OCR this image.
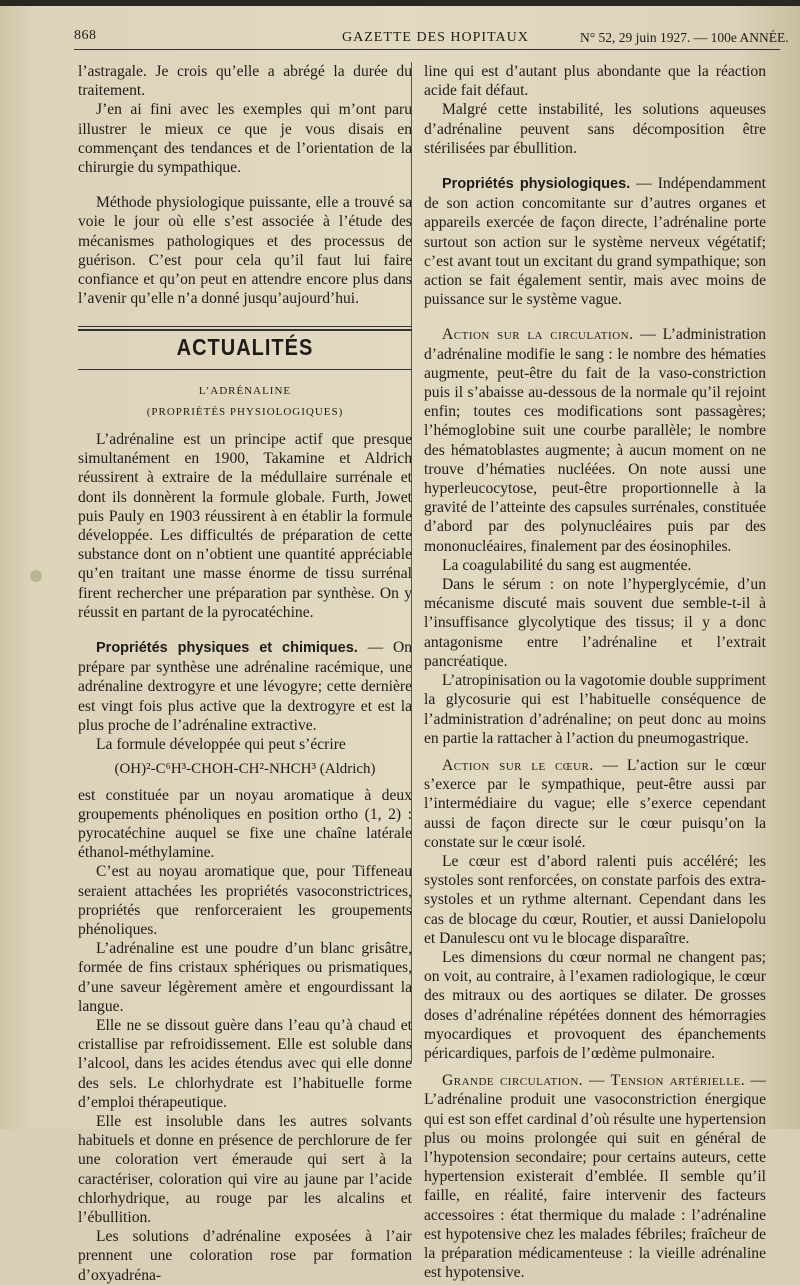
868	GAZETTE DES HOPITAUX	N° 52, 29 juin 1927. — 100e ANNÉE.

l’astragale. Je crois qu’elle a abrégé la durée du traitement.

J’en ai fini avec les exemples qui m’ont paru illustrer le mieux ce que je vous disais en commençant des tendances et de l’orientation de la chirurgie du sympathique.

Méthode physiologique puissante, elle a trouvé sa voie le jour où elle s’est associée à l’étude des mécanismes pathologiques et des processus de guérison. C’est pour cela qu’il faut lui faire confiance et qu’on peut en attendre encore plus dans l’avenir qu’elle n’a donné jusqu’aujourd’hui.

ACTUALITÉS
L’ADRÉNALINE
(PROPRIÉTÉS PHYSIOLOGIQUES)

L’adrénaline est un principe actif que presque simultanément en 1900, Takamine et Aldrich réussirent à extraire de la médullaire surrénale et dont ils donnèrent la formule globale. Furth, Jowet puis Pauly en 1903 réussirent à en établir la formule développée. Les difficultés de préparation de cette substance dont on n’obtient une quantité appréciable qu’en traitant une masse énorme de tissu surrénal firent rechercher une préparation par synthèse. On y réussit en partant de la pyrocatéchine.

Propriétés physiques et chimiques. — On prépare par synthèse une adrénaline racémique, une adrénaline dextrogyre et une lévogyre; cette dernière est vingt fois plus active que la dextrogyre et est la plus proche de l’adrénaline extractive.

La formule développée qui peut s’écrire

(OH)²-C⁶H³-CHOH-CH²-NHCH³ (Aldrich)

est constituée par un noyau aromatique à deux groupements phénoliques en position ortho (1, 2) : pyrocatéchine auquel se fixe une chaîne latérale éthanol-méthylamine.

C’est au noyau aromatique que, pour Tiffeneau seraient attachées les propriétés vasoconstrictrices, propriétés que renforceraient les groupements phénoliques.

L’adrénaline est une poudre d’un blanc grisâtre, formée de fins cristaux sphériques ou prismatiques, d’une saveur légèrement amère et engourdissant la langue.

Elle ne se dissout guère dans l’eau qu’à chaud et cristallise par refroidissement. Elle est soluble dans l’alcool, dans les acides étendus avec qui elle donne des sels. Le chlorhydrate est l’habituelle forme d’emploi thérapeutique.

Elle est insoluble dans les autres solvants habituels et donne en présence de perchlorure de fer une coloration vert émeraude qui sert à la caractériser, coloration qui vire au jaune par l’acide chlorhydrique, au rouge par les alcalins et l’ébullition.

Les solutions d’adrénaline exposées à l’air prennent une coloration rose par formation d’oxyadréna-

line qui est d’autant plus abondante que la réaction acide fait défaut.

Malgré cette instabilité, les solutions aqueuses d’adrénaline peuvent sans décomposition être stérilisées par ébullition.

Propriétés physiologiques. — Indépendamment de son action concomitante sur d’autres organes et appareils exercée de façon directe, l’adrénaline porte surtout son action sur le système nerveux végétatif; c’est avant tout un excitant du grand sympathique; son action se fait également sentir, mais avec moins de puissance sur le système vague.

Action sur la circulation. — L’administration d’adrénaline modifie le sang : le nombre des hématies augmente, peut-être du fait de la vaso-constriction puis il s’abaisse au-dessous de la normale qu’il rejoint enfin; toutes ces modifications sont passagères; l’hémoglobine suit une courbe parallèle; le nombre des hématoblastes augmente; à aucun moment on ne trouve d’hématies nucléées. On note aussi une hyperleucocytose, peut-être proportionnelle à la gravité de l’atteinte des capsules surrénales, constituée d’abord par des polynucléaires puis par des mononucléaires, finalement par des éosinophiles.

La coagulabilité du sang est augmentée.

Dans le sérum : on note l’hyperglycémie, d’un mécanisme discuté mais souvent due semble-t-il à l’insuffisance glycolytique des tissus; il y a donc antagonisme entre l’adrénaline et l’extrait pancréatique.

L’atropinisation ou la vagotomie double suppriment la glycosurie qui est l’habituelle conséquence de l’administration d’adrénaline; on peut donc au moins en partie la rattacher à l’action du pneumogastrique.

Action sur le cœur. — L’action sur le cœur s’exerce par le sympathique, peut-être aussi par l’intermédiaire du vague; elle s’exerce cependant aussi de façon directe sur le cœur puisqu’on la constate sur le cœur isolé.

Le cœur est d’abord ralenti puis accéléré; les systoles sont renforcées, on constate parfois des extra-systoles et un rythme alternant. Cependant dans les cas de blocage du cœur, Routier, et aussi Danielopolu et Danulescu ont vu le blocage disparaître.

Les dimensions du cœur normal ne changent pas; on voit, au contraire, à l’examen radiologique, le cœur des mitraux ou des aortiques se dilater. De grosses doses d’adrénaline répétées donnent des hémorragies myocardiques et provoquent des épanchements péricardiques, parfois de l’œdème pulmonaire.

Grande circulation. — Tension artérielle. — L’adrénaline produit une vasoconstriction énergique qui est son effet cardinal d’où résulte une hypertension plus ou moins prolongée qui suit en général de l’hypotension secondaire; pour certains auteurs, cette hypertension existerait d’emblée. Il semble qu’il faille, en réalité, faire intervenir des facteurs accessoires : état thermique du malade : l’adrénaline est hypotensive chez les malades fébriles; fraîcheur de la préparation médicamenteuse : la vieille adrénaline est hypotensive.
